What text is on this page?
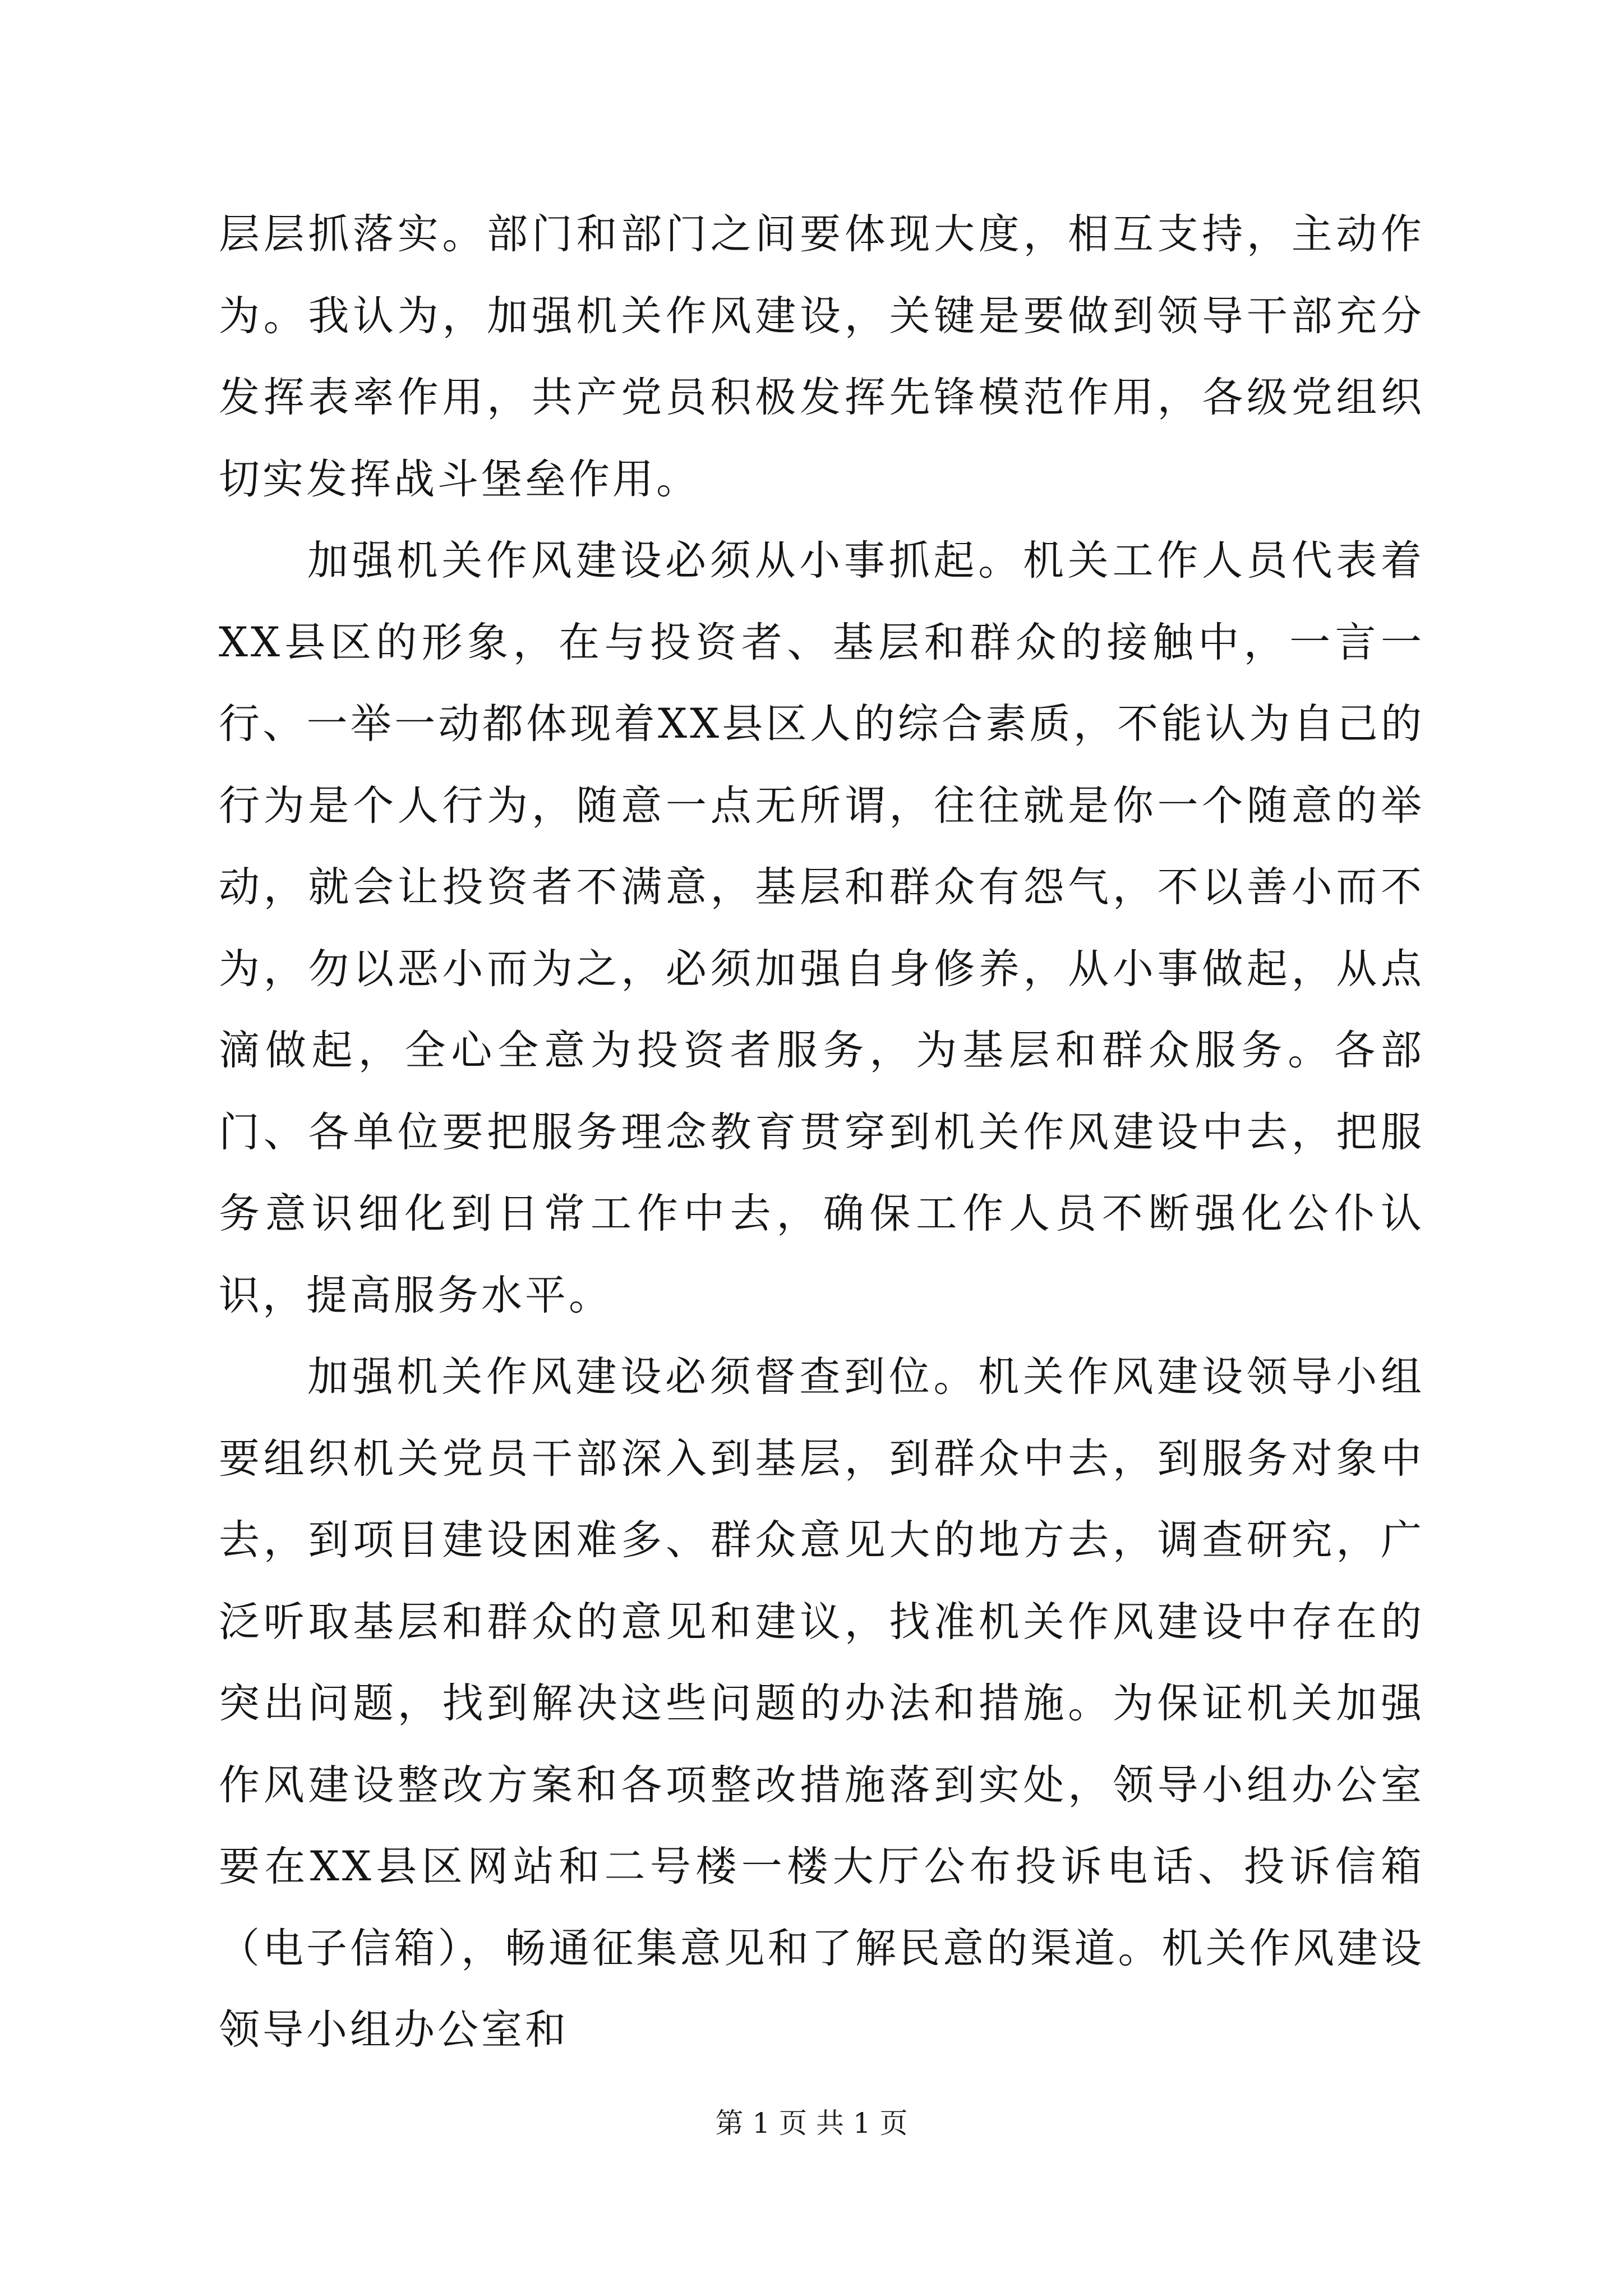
层层抓落实。部门和部门之间要体现大度，相互支持，主动作为。我认为，加强机关作风建设，关键是要做到领导干部充分发挥表率作用，共产党员积极发挥先锋模范作用，各级党组织切实发挥战斗堡垒作用。

加强机关作风建设必须从小事抓起。机关工作人员代表着XX县区的形象，在与投资者、基层和群众的接触中，一言一行、一举一动都体现着XX县区人的综合素质，不能认为自己的行为是个人行为，随意一点无所谓，往往就是你一个随意的举动，就会让投资者不满意，基层和群众有怨气，不以善小而不为，勿以恶小而为之，必须加强自身修养，从小事做起，从点滴做起，全心全意为投资者服务，为基层和群众服务。各部门、各单位要把服务理念教育贯穿到机关作风建设中去，把服务意识细化到日常工作中去，确保工作人员不断强化公仆认识，提高服务水平。

加强机关作风建设必须督查到位。机关作风建设领导小组要组织机关党员干部深入到基层，到群众中去，到服务对象中去，到项目建设困难多、群众意见大的地方去，调查研究，广泛听取基层和群众的意见和建议，找准机关作风建设中存在的突出问题，找到解决这些问题的办法和措施。为保证机关加强作风建设整改方案和各项整改措施落到实处，领导小组办公室要在XX县区网站和二号楼一楼大厅公布投诉电话、投诉信箱（电子信箱），畅通征集意见和了解民意的渠道。机关作风建设领导小组办公室和

第 1 页 共 1 页
